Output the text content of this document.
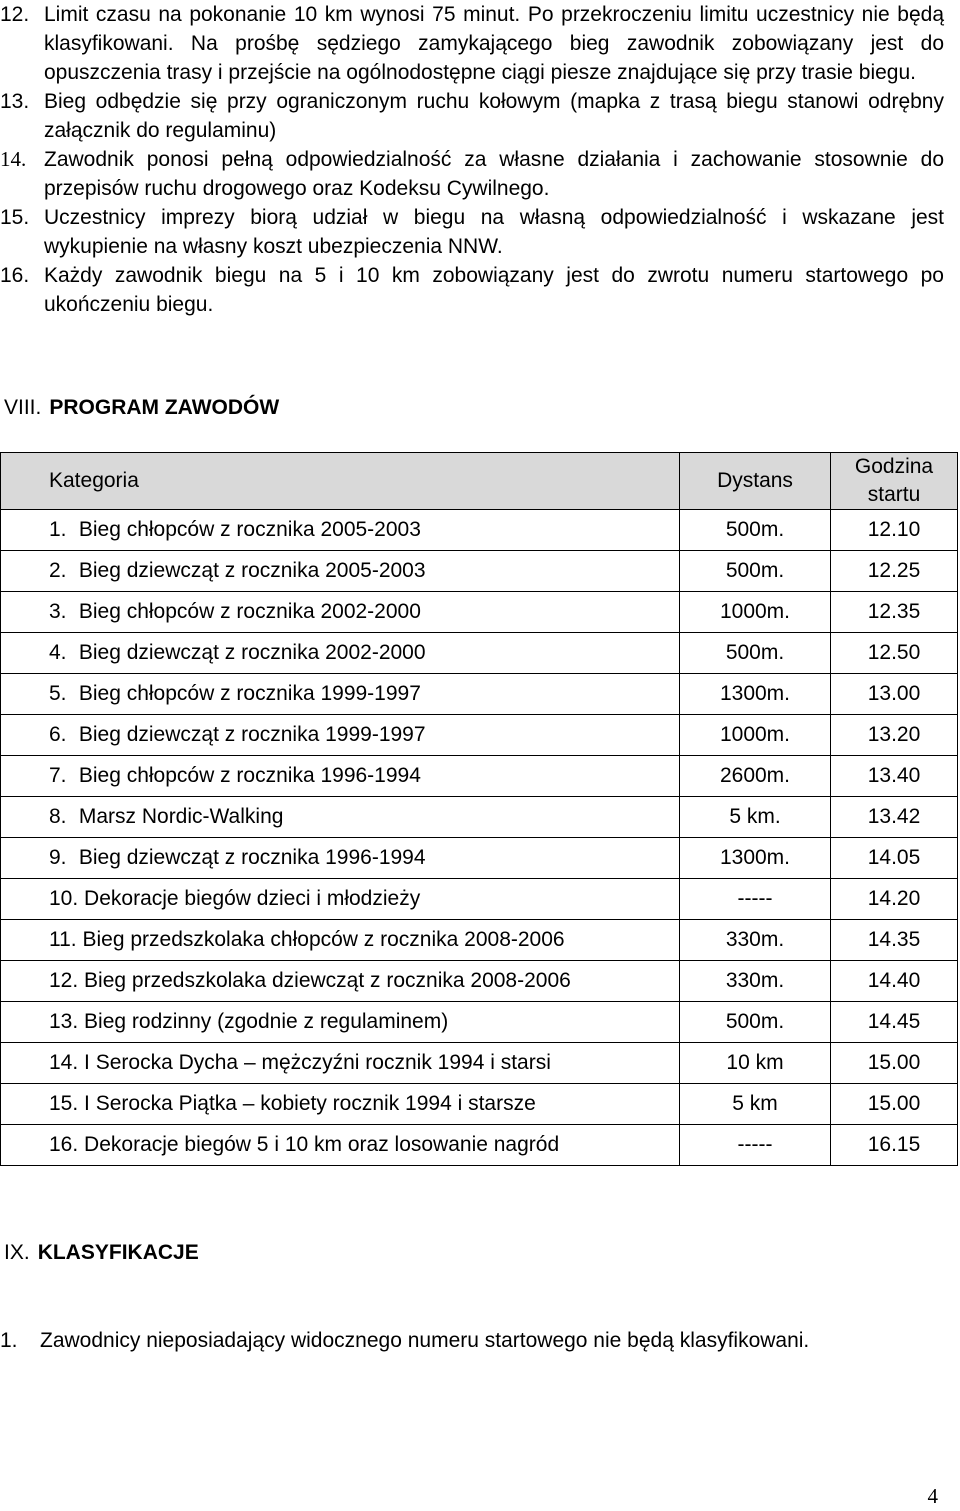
12. Limit czasu na pokonanie 10 km wynosi 75 minut. Po przekroczeniu limitu uczestnicy nie będą klasyfikowani. Na prośbę sędziego zamykającego bieg zawodnik zobowiązany jest do opuszczenia trasy i przejście na ogólnodostępne ciągi piesze znajdujące się przy trasie biegu.
13. Bieg odbędzie się przy ograniczonym ruchu kołowym (mapka z trasą biegu stanowi odrębny załącznik do regulaminu)
14. Zawodnik ponosi pełną odpowiedzialność za własne działania i zachowanie stosownie do przepisów ruchu drogowego oraz Kodeksu Cywilnego.
15. Uczestnicy imprezy biorą udział w biegu na własną odpowiedzialność i wskazane jest wykupienie na własny koszt ubezpieczenia NNW.
16. Każdy zawodnik biegu na 5 i 10 km zobowiązany jest do zwrotu numeru startowego po ukończeniu biegu.
VIII. PROGRAM ZAWODÓW
Kategoria	Dystans	Godzina startu
1. Bieg chłopców z rocznika 2005-2003	500m.	12.10
2. Bieg dziewcząt z rocznika 2005-2003	500m.	12.25
3. Bieg chłopców z rocznika 2002-2000	1000m.	12.35
4. Bieg dziewcząt z rocznika 2002-2000	500m.	12.50
5. Bieg chłopców z rocznika 1999-1997	1300m.	13.00
6. Bieg dziewcząt z rocznika 1999-1997	1000m.	13.20
7. Bieg chłopców z rocznika 1996-1994	2600m.	13.40
8. Marsz Nordic-Walking	5 km.	13.42
9. Bieg dziewcząt z rocznika 1996-1994	1300m.	14.05
10. Dekoracje biegów dzieci i młodzieży	-----	14.20
11. Bieg przedszkolaka chłopców z rocznika 2008-2006	330m.	14.35
12. Bieg przedszkolaka dziewcząt z rocznika 2008-2006	330m.	14.40
13. Bieg rodzinny (zgodnie z regulaminem)	500m.	14.45
14. I Serocka Dycha – mężczyźni rocznik 1994 i starsi	10 km	15.00
15. I Serocka Piątka – kobiety rocznik 1994 i starsze	5 km	15.00
16. Dekoracje biegów 5 i 10 km oraz losowanie nagród	-----	16.15
IX. KLASYFIKACJE
1. Zawodnicy nieposiadający widocznego numeru startowego nie będą klasyfikowani.
4
